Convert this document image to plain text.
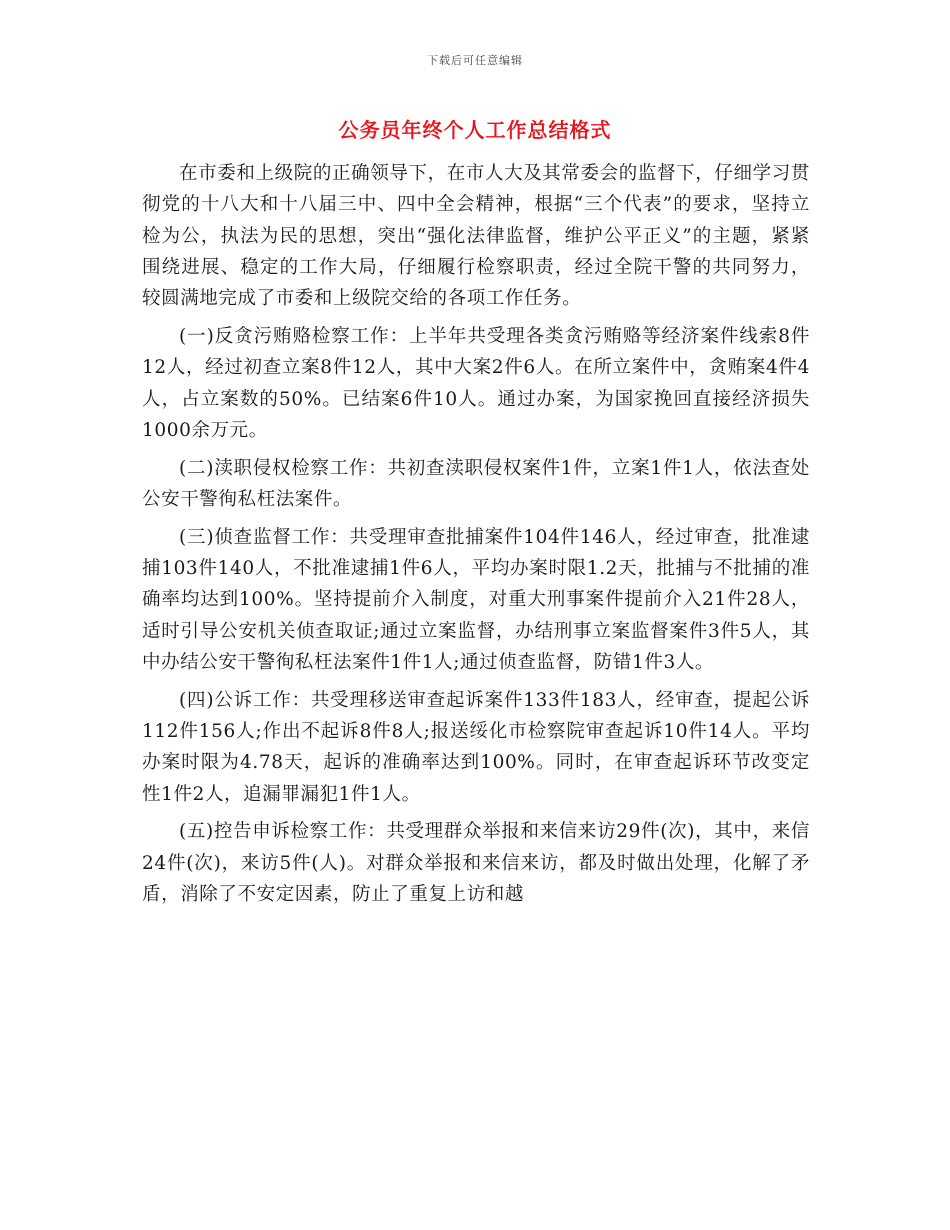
下载后可任意编辑
公务员年终个人工作总结格式

在市委和上级院的正确领导下，在市人大及其常委会的监督下，仔细学习贯彻党的十八大和十八届三中、四中全会精神，根据“三个代表”的要求，坚持立检为公，执法为民的思想，突出“强化法律监督，维护公平正义”的主题，紧紧围绕进展、稳定的工作大局，仔细履行检察职责，经过全院干警的共同努力，较圆满地完成了市委和上级院交给的各项工作任务。

(一)反贪污贿赂检察工作：上半年共受理各类贪污贿赂等经济案件线索8件12人，经过初查立案8件12人，其中大案2件6人。在所立案件中，贪贿案4件4人，占立案数的50%。已结案6件10人。通过办案，为国家挽回直接经济损失1000余万元。

(二)渎职侵权检察工作：共初查渎职侵权案件1件，立案1件1人，依法查处公安干警徇私枉法案件。

(三)侦查监督工作：共受理审查批捕案件104件146人，经过审查，批准逮捕103件140人，不批准逮捕1件6人，平均办案时限1.2天，批捕与不批捕的准确率均达到100%。坚持提前介入制度，对重大刑事案件提前介入21件28人，适时引导公安机关侦查取证;通过立案监督，办结刑事立案监督案件3件5人，其中办结公安干警徇私枉法案件1件1人;通过侦查监督，防错1件3人。

(四)公诉工作：共受理移送审查起诉案件133件183人，经审查，提起公诉112件156人;作出不起诉8件8人;报送绥化市检察院审查起诉10件14人。平均办案时限为4.78天，起诉的准确率达到100%。同时，在审查起诉环节改变定性1件2人，追漏罪漏犯1件1人。

(五)控告申诉检察工作：共受理群众举报和来信来访29件(次)，其中，来信24件(次)，来访5件(人)。对群众举报和来信来访，都及时做出处理，化解了矛盾，消除了不安定因素，防止了重复上访和越
